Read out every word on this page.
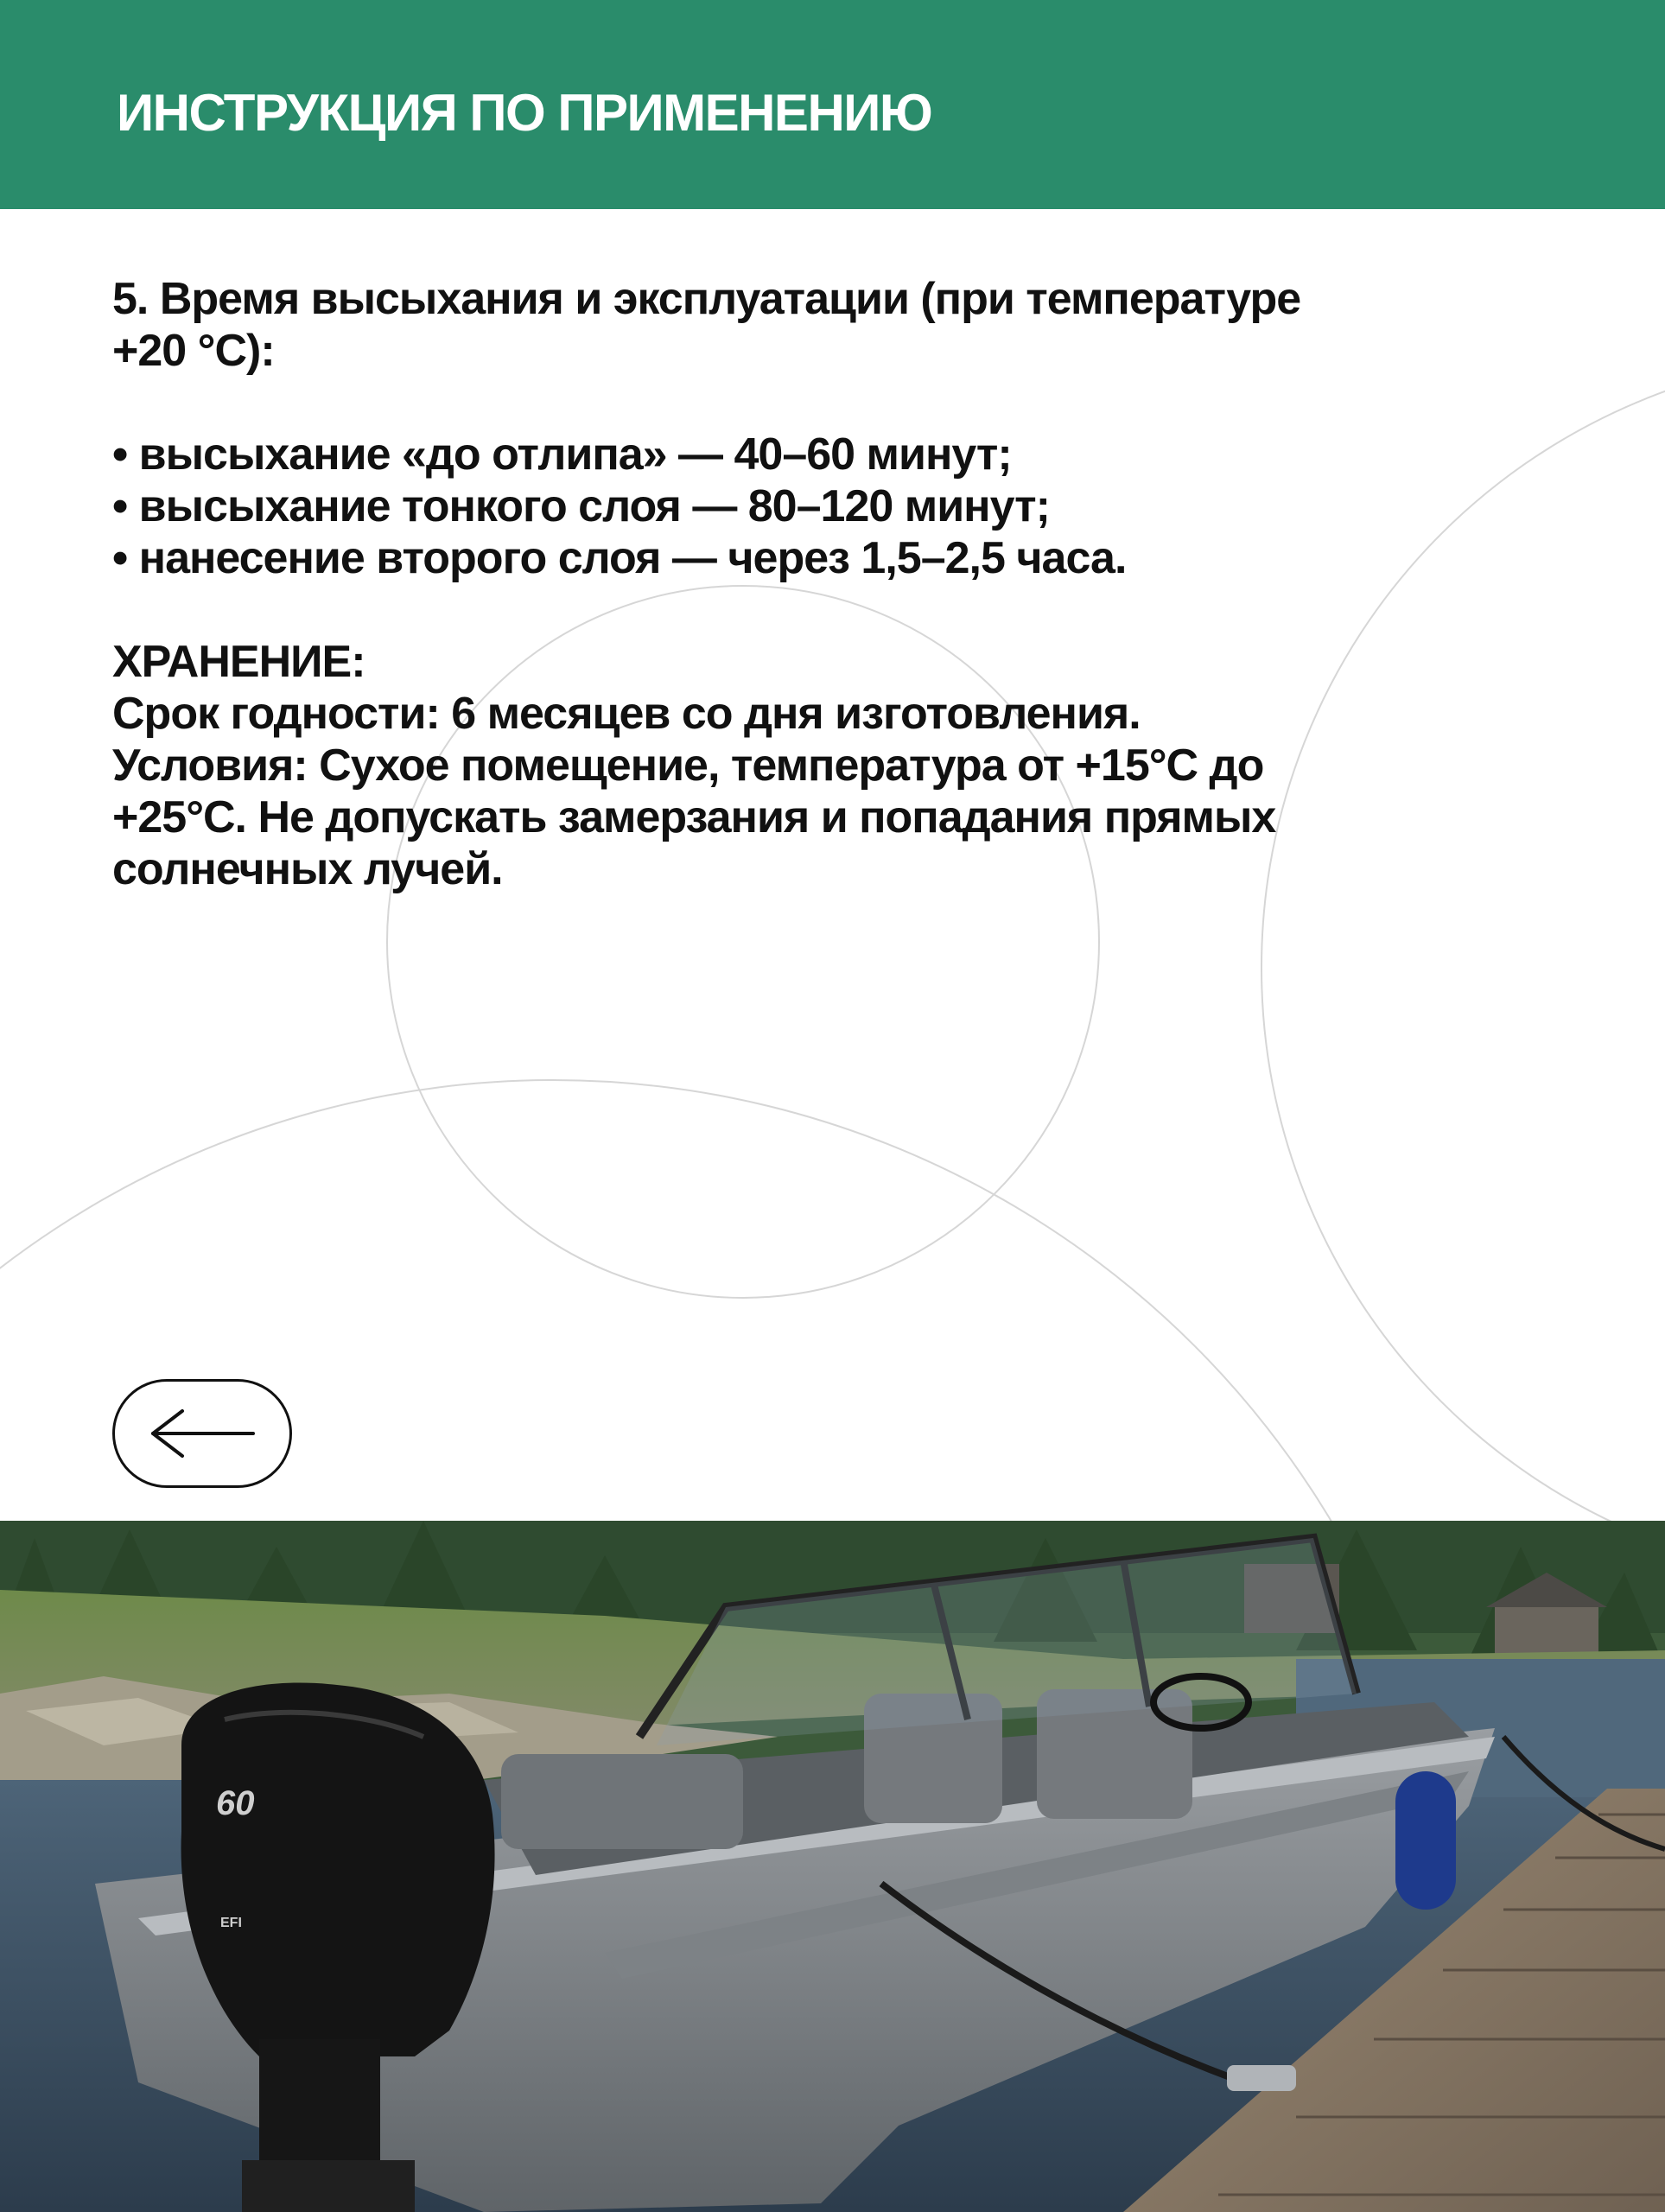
ИНСТРУКЦИЯ ПО ПРИМЕНЕНИЮ
5. Время высыхания и эксплуатации (при температуре
+20 °С):
• высыхание «до отлипа» — 40–60 минут;
• высыхание тонкого слоя — 80–120 минут;
• нанесение второго слоя — через 1,5–2,5 часа.

ХРАНЕНИЕ:

Срок годности: 6 месяцев со дня изготовления.

Условия: Сухое помещение, температура от +15°С до

+25°С. Не допускать замерзания и попадания прямых

солнечных лучей.

60
EFI
